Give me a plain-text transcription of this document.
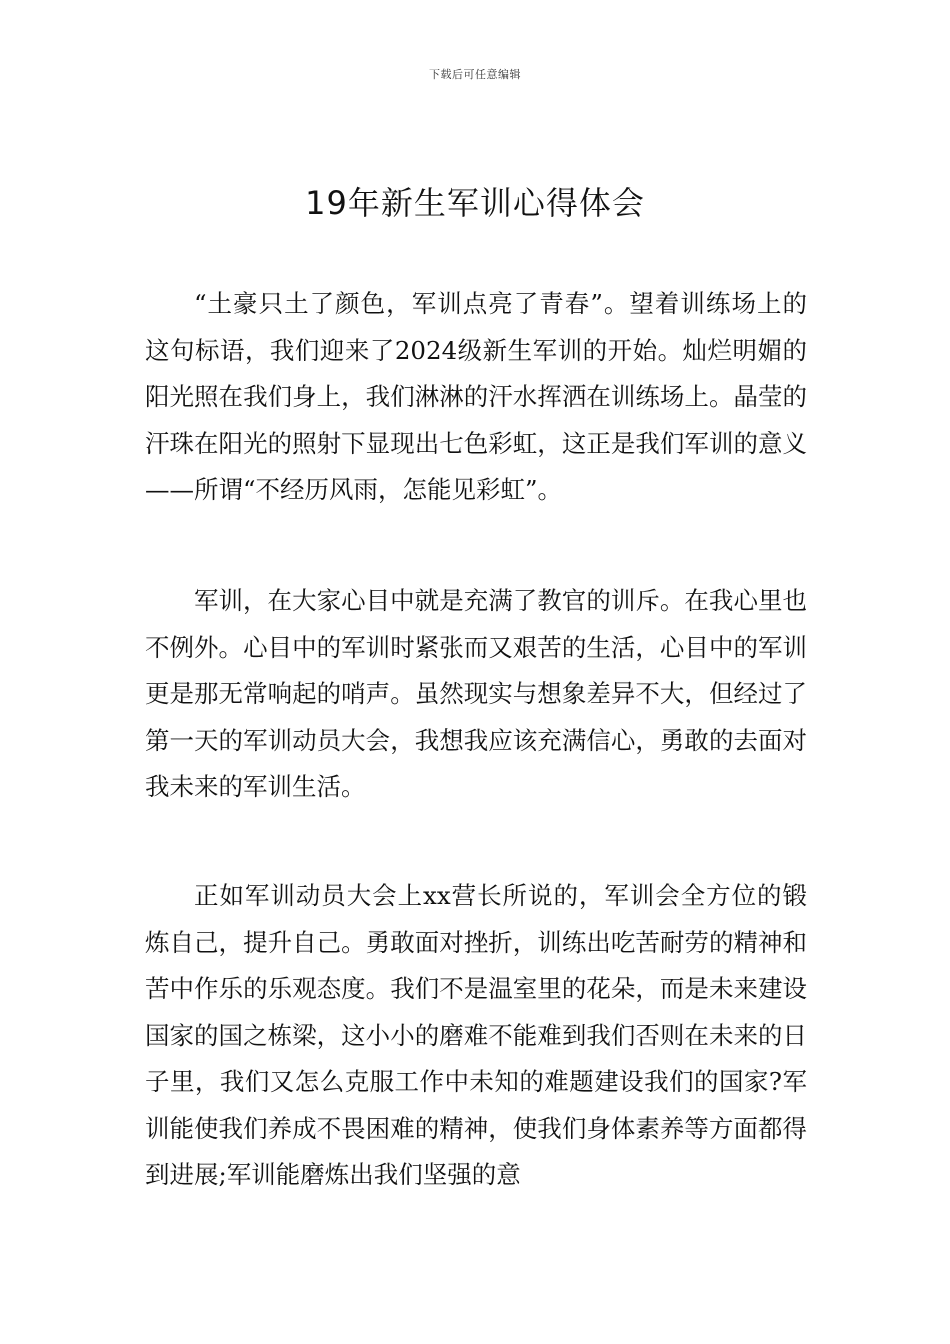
下载后可任意编辑
19年新生军训心得体会

“土豪只土了颜色，军训点亮了青春”。望着训练场上的这句标语，我们迎来了2024级新生军训的开始。灿烂明媚的阳光照在我们身上，我们淋淋的汗水挥洒在训练场上。晶莹的汗珠在阳光的照射下显现出七色彩虹，这正是我们军训的意义——所谓“不经历风雨，怎能见彩虹”。

军训，在大家心目中就是充满了教官的训斥。在我心里也不例外。心目中的军训时紧张而又艰苦的生活，心目中的军训更是那无常响起的哨声。虽然现实与想象差异不大，但经过了第一天的军训动员大会，我想我应该充满信心，勇敢的去面对我未来的军训生活。

正如军训动员大会上xx营长所说的，军训会全方位的锻炼自己，提升自己。勇敢面对挫折，训练出吃苦耐劳的精神和苦中作乐的乐观态度。我们不是温室里的花朵，而是未来建设国家的国之栋梁，这小小的磨难不能难到我们否则在未来的日子里，我们又怎么克服工作中未知的难题建设我们的国家?军训能使我们养成不畏困难的精神，使我们身体素养等方面都得到进展;军训能磨炼出我们坚强的意
